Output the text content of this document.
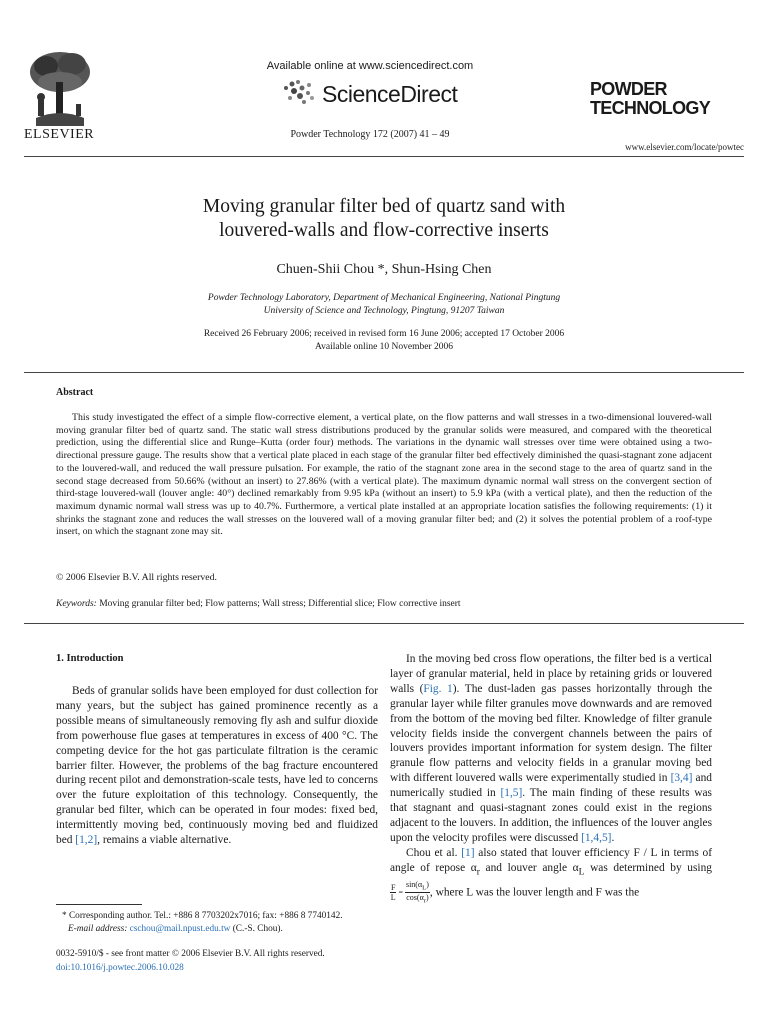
ELSEVIER
Available online at www.sciencedirect.com
ScienceDirect
Powder Technology 172 (2007) 41 – 49
POWDER
TECHNOLOGY
www.elsevier.com/locate/powtec
Moving granular filter bed of quartz sand with
louvered-walls and flow-corrective inserts
Chuen-Shii Chou *, Shun-Hsing Chen
Powder Technology Laboratory, Department of Mechanical Engineering, National Pingtung
University of Science and Technology, Pingtung, 91207 Taiwan
Received 26 February 2006; received in revised form 16 June 2006; accepted 17 October 2006
Available online 10 November 2006
Abstract
This study investigated the effect of a simple flow-corrective element, a vertical plate, on the flow patterns and wall stresses in a two-dimensional louvered-wall moving granular filter bed of quartz sand. The static wall stress distributions produced by the granular solids were measured, and compared with the theoretical prediction, using the differential slice and Runge–Kutta (order four) methods. The variations in the dynamic wall stresses over time were obtained using a two-directional pressure gauge. The results show that a vertical plate placed in each stage of the granular filter bed effectively diminished the quasi-stagnant zone adjacent to the louvered-wall, and reduced the wall pressure pulsation. For example, the ratio of the stagnant zone area in the second stage to the area of quartz sand in the second stage decreased from 50.66% (without an insert) to 27.86% (with a vertical plate). The maximum dynamic normal wall stress on the convergent section of third-stage louvered-wall (louver angle: 40°) declined remarkably from 9.95 kPa (without an insert) to 5.9 kPa (with a vertical plate), and then the reduction of the maximum dynamic normal wall stress was up to 40.7%. Furthermore, a vertical plate installed at an appropriate location satisfies the following requirements: (1) it shrinks the stagnant zone and reduces the wall stresses on the louvered wall of a moving granular filter bed; and (2) it solves the potential problem of a roof-type insert, on which the stagnant zone may sit.
© 2006 Elsevier B.V. All rights reserved.
Keywords: Moving granular filter bed; Flow patterns; Wall stress; Differential slice; Flow corrective insert
1. Introduction
Beds of granular solids have been employed for dust collection for many years, but the subject has gained prominence recently as a possible means of simultaneously removing fly ash and sulfur dioxide from powerhouse flue gases at temperatures in excess of 400 °C. The competing device for the hot gas particulate filtration is the ceramic barrier filter. However, the problems of the bag fracture encountered during recent pilot and demonstration-scale tests, have led to concerns over the future exploitation of this technology. Consequently, the granular bed filter, which can be operated in four modes: fixed bed, intermittently moving bed, continuously moving bed and fluidized bed [1,2], remains a viable alternative.

In the moving bed cross flow operations, the filter bed is a vertical layer of granular material, held in place by retaining grids or louvered walls (Fig. 1). The dust-laden gas passes horizontally through the granular layer while filter granules move downwards and are removed from the bottom of the moving bed filter. Knowledge of filter granule velocity fields inside the convergent channels between the pairs of louvers provides important information for system design. The filter granule flow patterns and velocity fields in a granular moving bed with different louvered walls were experimentally studied in [3,4] and numerically studied in [1,5]. The main finding of these results was that stagnant and quasi-stagnant zones could exist in the regions adjacent to the louvers. In addition, the influences of the louver angles upon the velocity profiles were discussed [1,4,5].

Chou et al. [1] also stated that louver efficiency F / L in terms of angle of repose $\alpha_r$ and louver angle $\alpha_L$ was determined by using
$\frac{F}{L} = \frac{\sin(\alpha_L)}{\cos(\alpha_r)}$ , where L was the louver length and F was the

* Corresponding author. Tel.: +886 8 7703202x7016; fax: +886 8 7740142.
E-mail address: cschou@mail.npust.edu.tw (C.-S. Chou).
0032-5910/$ - see front matter © 2006 Elsevier B.V. All rights reserved.
doi:10.1016/j.powtec.2006.10.028
